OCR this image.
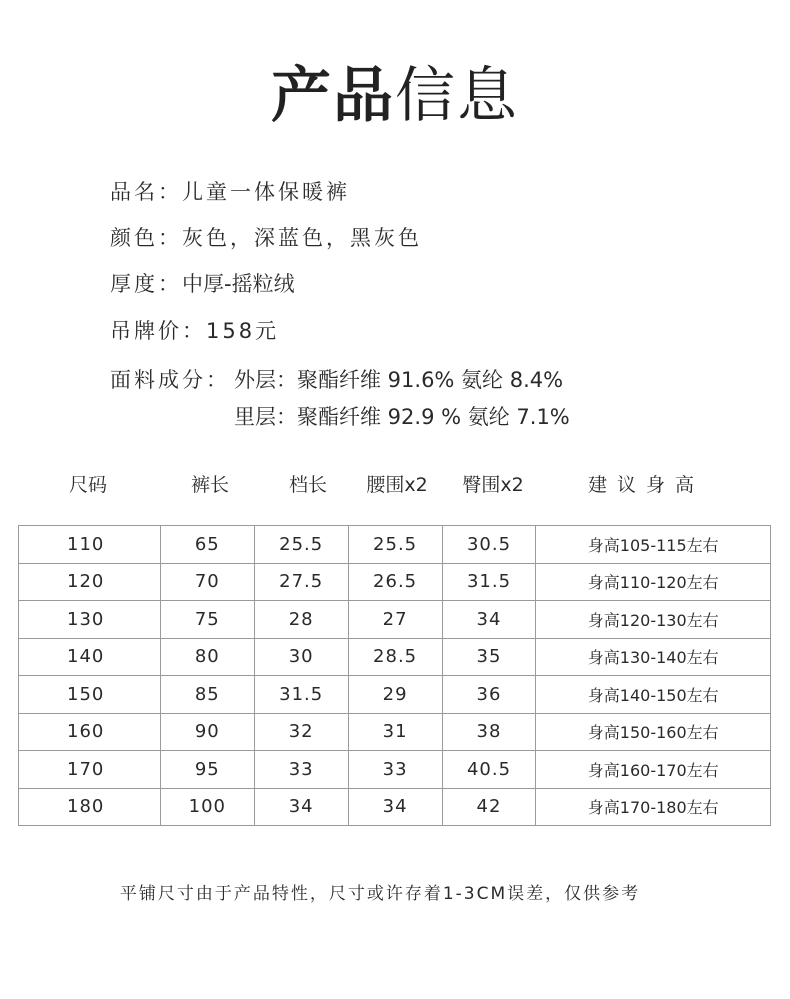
产品信息
品名：儿童一体保暖裤
颜色：灰色，深蓝色，黑灰色
厚度：中厚-摇粒绒
吊牌价：158元
面料成分： 外层：聚酯纤维 91.6% 氨纶 8.4%
里层：聚酯纤维 92.9 % 氨纶 7.1%
尺码	裤长	档长	腰围x2	臀围x2	建 议 身 高
110	65	25.5	25.5	30.5	身高105-115左右
120	70	27.5	26.5	31.5	身高110-120左右
130	75	28	27	34	身高120-130左右
140	80	30	28.5	35	身高130-140左右
150	85	31.5	29	36	身高140-150左右
160	90	32	31	38	身高150-160左右
170	95	33	33	40.5	身高160-170左右
180	100	34	34	42	身高170-180左右
平铺尺寸由于产品特性，尺寸或许存着1-3CM误差，仅供参考
